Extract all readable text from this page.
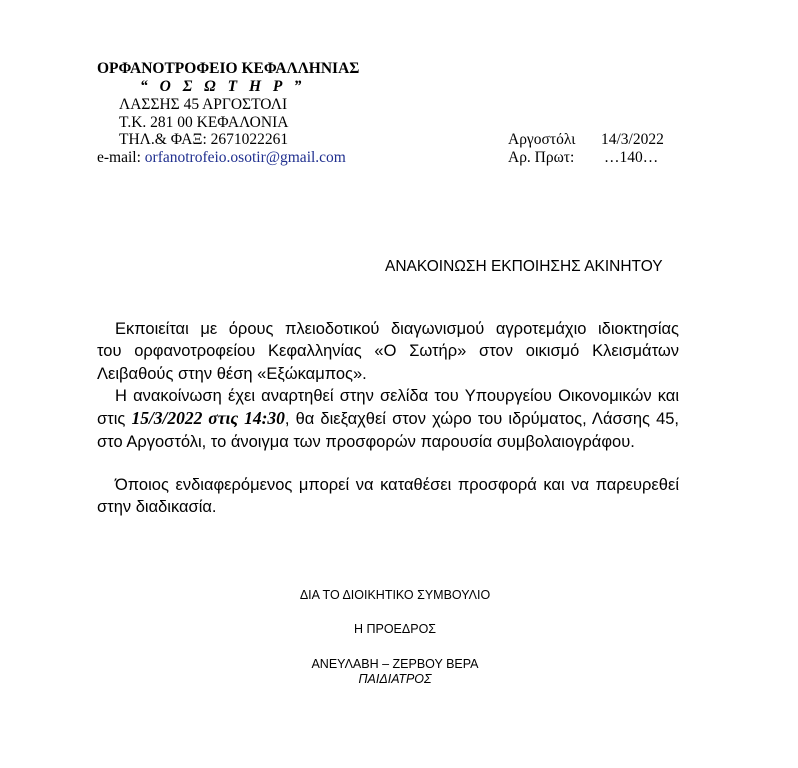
ΟΡΦΑΝΟΤΡΟΦΕΙΟ ΚΕΦΑΛΛΗΝΙΑΣ
“ Ο Σ Ω Τ Η Ρ ”
ΛΑΣΣΗΣ 45 ΑΡΓΟΣΤΟΛΙ
Τ.Κ. 281 00 ΚΕΦΑΛΟΝΙΑ
ΤΗΛ.& ΦΑΞ: 2671022261
e-mail: orfanotrofeio.osotir@gmail.com
Αργοστόλι 14/3/2022
Αρ. Πρωτ: …140…
ΑΝΑΚΟΙΝΩΣΗ ΕΚΠΟΙΗΣΗΣ ΑΚΙΝΗΤΟΥ

Εκποιείται με όρους πλειοδοτικού διαγωνισμού αγροτεμάχιο ιδιοκτησίας

του ορφανοτροφείου Κεφαλληνίας «Ο Σωτήρ» στον οικισμό Κλεισμάτων

Λειβαθούς στην θέση «Εξώκαμπος».

Η ανακοίνωση έχει αναρτηθεί στην σελίδα του Υπουργείου Οικονομικών και στις 15/3/2022 στις 14:30, θα διεξαχθεί στον χώρο του ιδρύματος, Λάσσης 45, στο Αργοστόλι, το άνοιγμα των προσφορών παρουσία συμβολαιογράφου.

Όποιος ενδιαφερόμενος μπορεί να καταθέσει προσφορά και να παρευρεθεί στην διαδικασία.

ΔΙΑ ΤΟ ΔΙΟΙΚΗΤΙΚΟ ΣΥΜΒΟΥΛΙΟ
Η ΠΡΟΕΔΡΟΣ
ΑΝΕΥΛΑΒΗ – ΖΕΡΒΟΥ ΒΕΡΑ
ΠΑΙΔΙΑΤΡΟΣ
